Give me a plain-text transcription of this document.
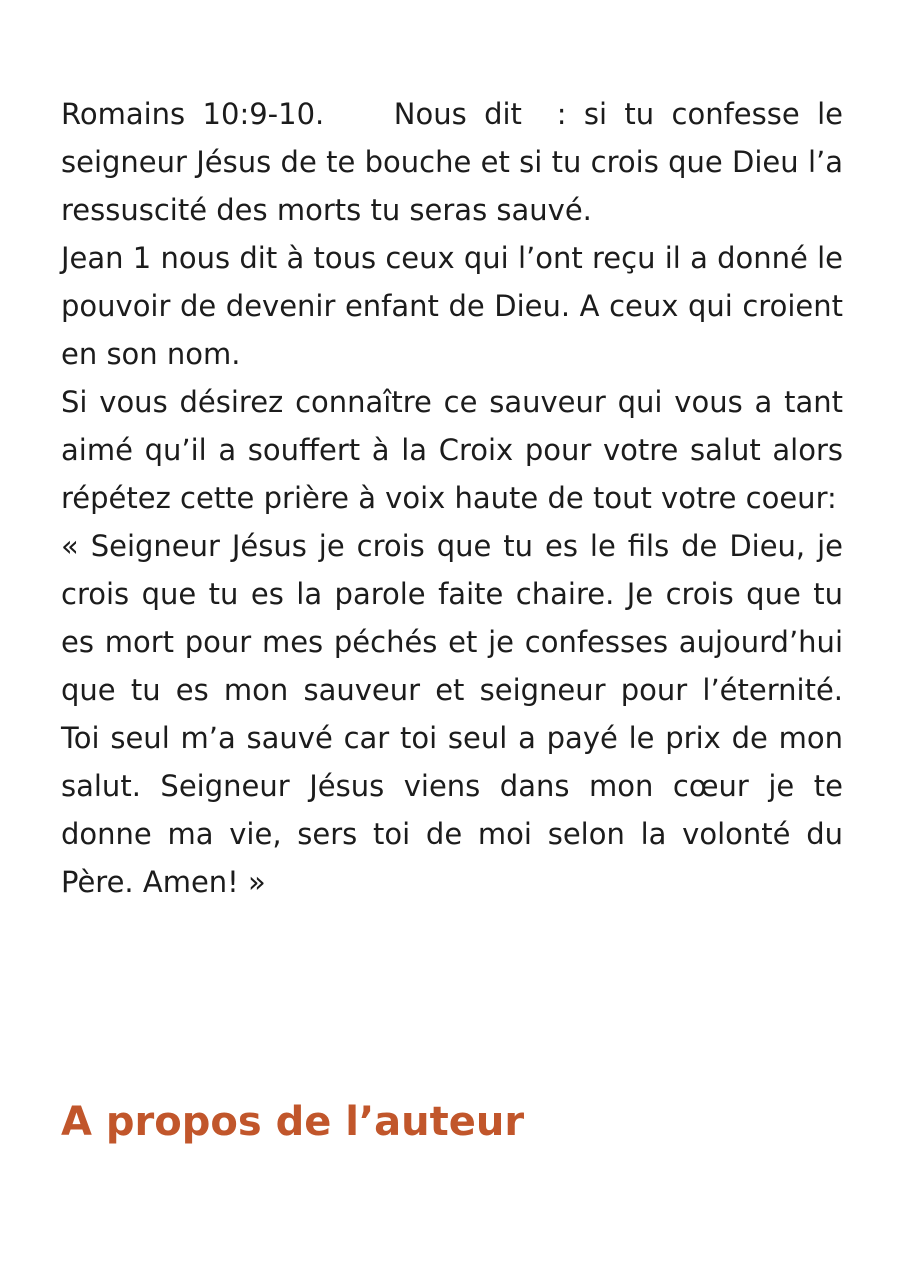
Romains 10:9-10.    Nous dit  : si tu confesse le seigneur Jésus de te bouche et si tu crois que Dieu l’a ressuscité des morts tu seras sauvé.

Jean 1 nous dit à tous ceux qui l’ont reçu il a donné le pouvoir de devenir enfant de Dieu. A ceux qui croient en son nom.

Si vous désirez connaître ce sauveur qui vous a tant aimé qu’il a souffert à la Croix pour votre salut alors répétez cette prière à voix haute de tout votre coeur:

« Seigneur Jésus je crois que tu es le fils de Dieu, je crois que tu es la parole faite chaire. Je crois que tu es mort pour mes péchés et je confesses aujourd’hui que tu es mon sauveur et seigneur pour l’éternité. Toi seul m’a sauvé car toi seul a payé le prix de mon salut. Seigneur Jésus viens dans mon cœur je te donne ma vie, sers toi de moi selon la volonté du Père. Amen! »

A propos de l’auteur
